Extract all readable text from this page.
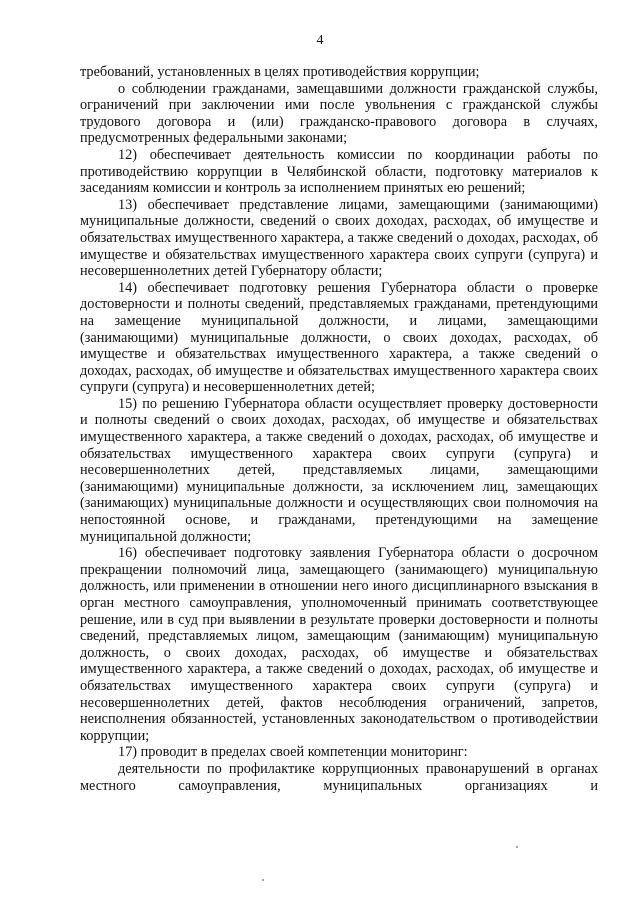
4

требований, установленных в целях противодействия коррупции;

о соблюдении гражданами, замещавшими должности гражданской службы, ограничений при заключении ими после увольнения с гражданской службы трудового договора и (или) гражданско-правового договора в случаях, предусмотренных федеральными законами;

12) обеспечивает деятельность комиссии по координации работы по противодействию коррупции в Челябинской области, подготовку материалов к заседаниям комиссии и контроль за исполнением принятых ею решений;

13) обеспечивает представление лицами, замещающими (занимающими) муниципальные должности, сведений о своих доходах, расходах, об имуществе и обязательствах имущественного характера, а также сведений о доходах, расходах, об имуществе и обязательствах имущественного характера своих супруги (супруга) и несовершеннолетних детей Губернатору области;

14) обеспечивает подготовку решения Губернатора области о проверке достоверности и полноты сведений, представляемых гражданами, претендующими на замещение муниципальной должности, и лицами, замещающими (занимающими) муниципальные должности, о своих доходах, расходах, об имуществе и обязательствах имущественного характера, а также сведений о доходах, расходах, об имуществе и обязательствах имущественного характера своих супруги (супруга) и несовершеннолетних детей;

15) по решению Губернатора области осуществляет проверку достоверности и полноты сведений о своих доходах, расходах, об имуществе и обязательствах имущественного характера, а также сведений о доходах, расходах, об имуществе и обязательствах имущественного характера своих супруги (супруга) и несовершеннолетних детей, представляемых лицами, замещающими (занимающими) муниципальные должности, за исключением лиц, замещающих (занимающих) муниципальные должности и осуществляющих свои полномочия на непостоянной основе, и гражданами, претендующими на замещение муниципальной должности;

16) обеспечивает подготовку заявления Губернатора области о досрочном прекращении полномочий лица, замещающего (занимающего) муниципальную должность, или применении в отношении него иного дисциплинарного взыскания в орган местного самоуправления, уполномоченный принимать соответствующее решение, или в суд при выявлении в результате проверки достоверности и полноты сведений, представляемых лицом, замещающим (занимающим) муниципальную должность, о своих доходах, расходах, об имуществе и обязательствах имущественного характера, а также сведений о доходах, расходах, об имуществе и обязательствах имущественного характера своих супруги (супруга) и несовершеннолетних детей, фактов несоблюдения ограничений, запретов, неисполнения обязанностей, установленных законодательством о противодействии коррупции;

17) проводит в пределах своей компетенции мониторинг:

деятельности по профилактике коррупционных правонарушений в органах местного самоуправления, муниципальных организациях и
